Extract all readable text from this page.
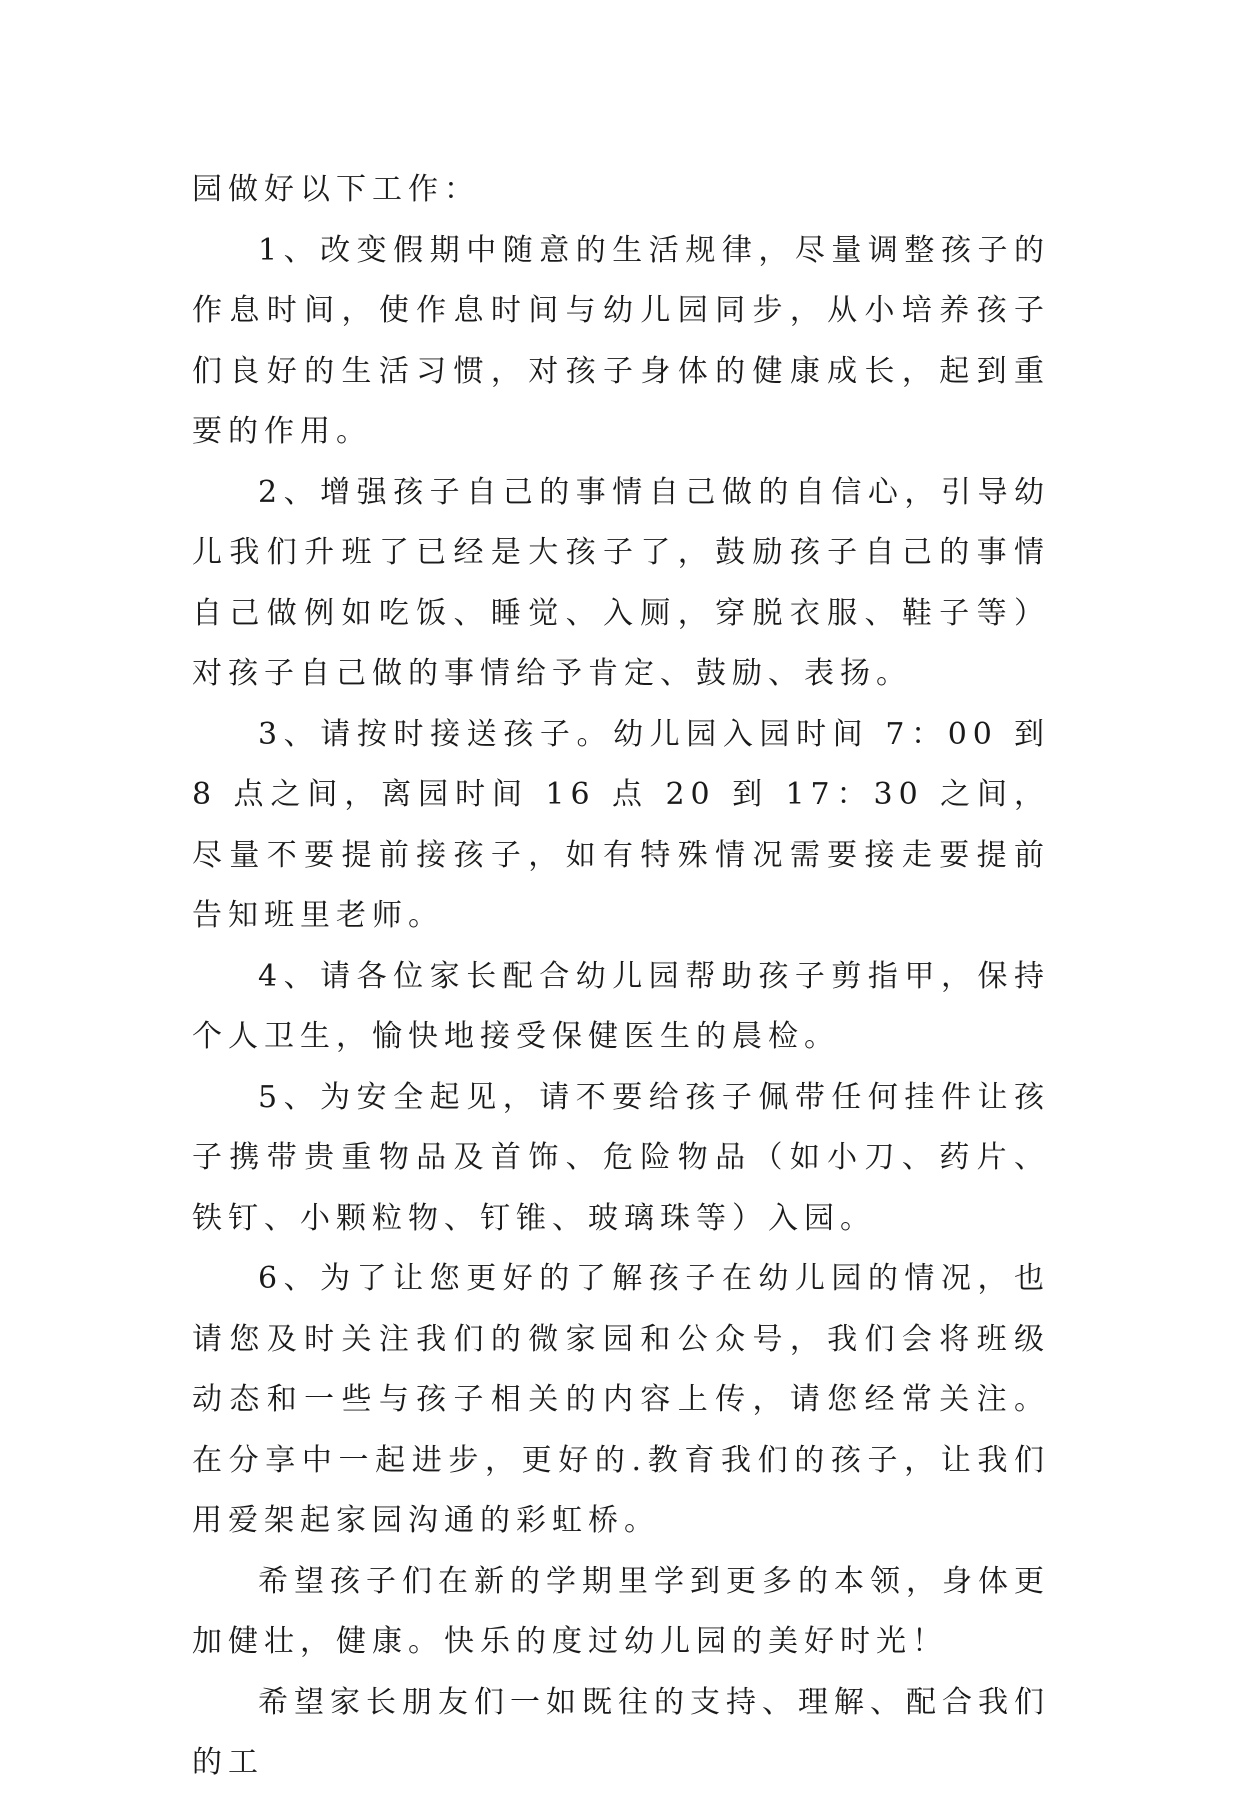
园做好以下工作：

1、改变假期中随意的生活规律，尽量调整孩子的作息时间，使作息时间与幼儿园同步，从小培养孩子们良好的生活习惯，对孩子身体的健康成长，起到重要的作用。

2、增强孩子自己的事情自己做的自信心，引导幼儿我们升班了已经是大孩子了，鼓励孩子自己的事情自己做例如吃饭、睡觉、入厕，穿脱衣服、鞋子等）对孩子自己做的事情给予肯定、鼓励、表扬。

3、请按时接送孩子。幼儿园入园时间 7：00 到 8 点之间，离园时间 16 点 20 到 17：30 之间，尽量不要提前接孩子，如有特殊情况需要接走要提前告知班里老师。

4、请各位家长配合幼儿园帮助孩子剪指甲，保持个人卫生，愉快地接受保健医生的晨检。

5、为安全起见，请不要给孩子佩带任何挂件让孩子携带贵重物品及首饰、危险物品（如小刀、药片、铁钉、小颗粒物、钉锥、玻璃珠等）入园。

6、为了让您更好的了解孩子在幼儿园的情况，也请您及时关注我们的微家园和公众号，我们会将班级动态和一些与孩子相关的内容上传，请您经常关注。在分享中一起进步，更好的.教育我们的孩子，让我们用爱架起家园沟通的彩虹桥。

希望孩子们在新的学期里学到更多的本领，身体更加健壮，健康。快乐的度过幼儿园的美好时光！

希望家长朋友们一如既往的支持、理解、配合我们的工
